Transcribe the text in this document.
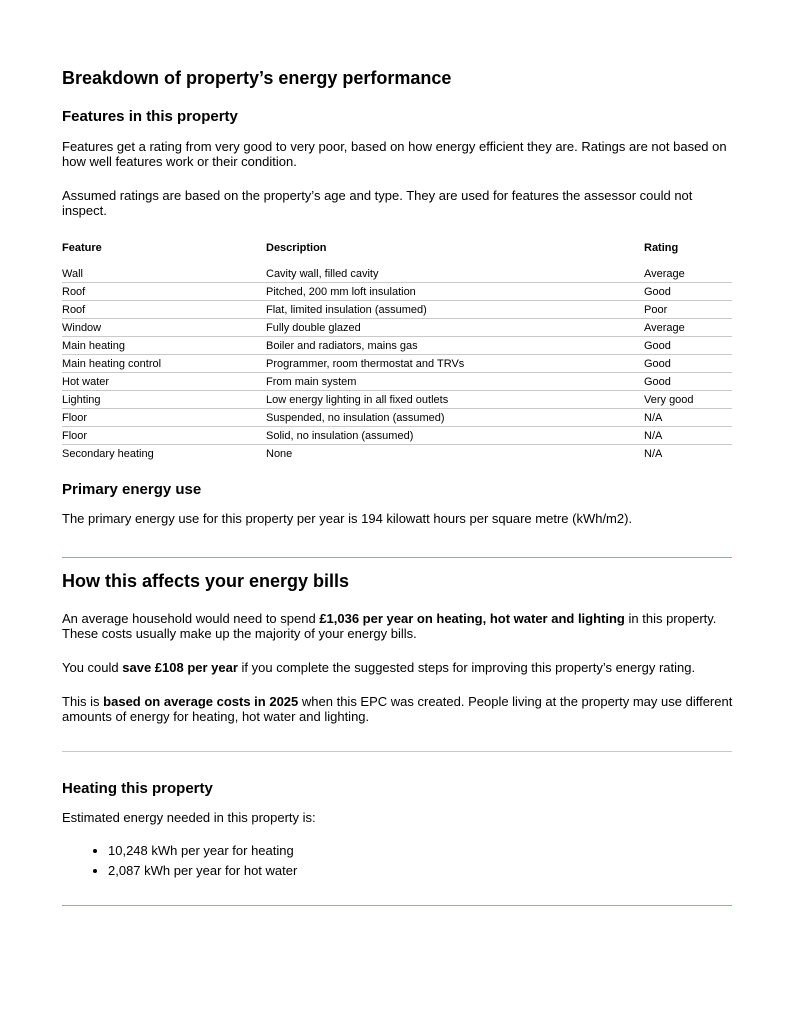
Breakdown of property’s energy performance
Features in this property
Features get a rating from very good to very poor, based on how energy efficient they are. Ratings are not based on how well features work or their condition.
Assumed ratings are based on the property’s age and type. They are used for features the assessor could not inspect.
Feature	Description	Rating
Wall	Cavity wall, filled cavity	Average
Roof	Pitched, 200 mm loft insulation	Good
Roof	Flat, limited insulation (assumed)	Poor
Window	Fully double glazed	Average
Main heating	Boiler and radiators, mains gas	Good
Main heating control	Programmer, room thermostat and TRVs	Good
Hot water	From main system	Good
Lighting	Low energy lighting in all fixed outlets	Very good
Floor	Suspended, no insulation (assumed)	N/A
Floor	Solid, no insulation (assumed)	N/A
Secondary heating	None	N/A
Primary energy use
The primary energy use for this property per year is 194 kilowatt hours per square metre (kWh/m2).
How this affects your energy bills
An average household would need to spend £1,036 per year on heating, hot water and lighting in this property. These costs usually make up the majority of your energy bills.
You could save £108 per year if you complete the suggested steps for improving this property’s energy rating.
This is based on average costs in 2025 when this EPC was created. People living at the property may use different amounts of energy for heating, hot water and lighting.
Heating this property
Estimated energy needed in this property is:
• 10,248 kWh per year for heating
• 2,087 kWh per year for hot water
